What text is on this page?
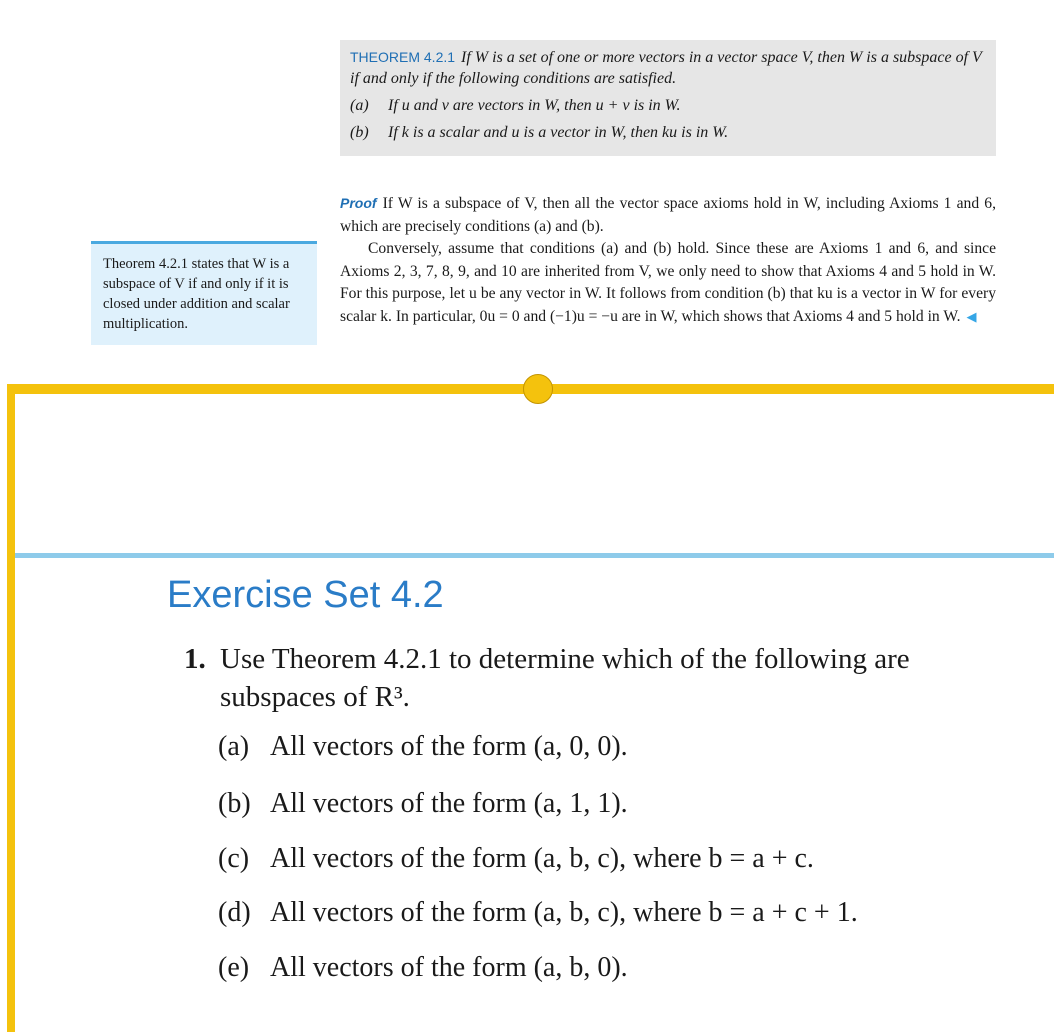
THEOREM 4.2.1 If W is a set of one or more vectors in a vector space V, then W is a subspace of V if and only if the following conditions are satisfied.
(a) If u and v are vectors in W, then u + v is in W.
(b) If k is a scalar and u is a vector in W, then ku is in W.

Proof If W is a subspace of V, then all the vector space axioms hold in W, including Axioms 1 and 6, which are precisely conditions (a) and (b).

Conversely, assume that conditions (a) and (b) hold. Since these are Axioms 1 and 6, and since Axioms 2, 3, 7, 8, 9, and 10 are inherited from V, we only need to show that Axioms 4 and 5 hold in W. For this purpose, let u be any vector in W. It follows from condition (b) that ku is a vector in W for every scalar k. In particular, 0u = 0 and (−1)u = −u are in W, which shows that Axioms 4 and 5 hold in W. ◀

Theorem 4.2.1 states that W is a subspace of V if and only if it is closed under addition and scalar multiplication.
Exercise Set 4.2
1. Use Theorem 4.2.1 to determine which of the following are
subspaces of R³.
(a) All vectors of the form (a, 0, 0).
(b) All vectors of the form (a, 1, 1).
(c) All vectors of the form (a, b, c), where b = a + c.
(d) All vectors of the form (a, b, c), where b = a + c + 1.
(e) All vectors of the form (a, b, 0).
